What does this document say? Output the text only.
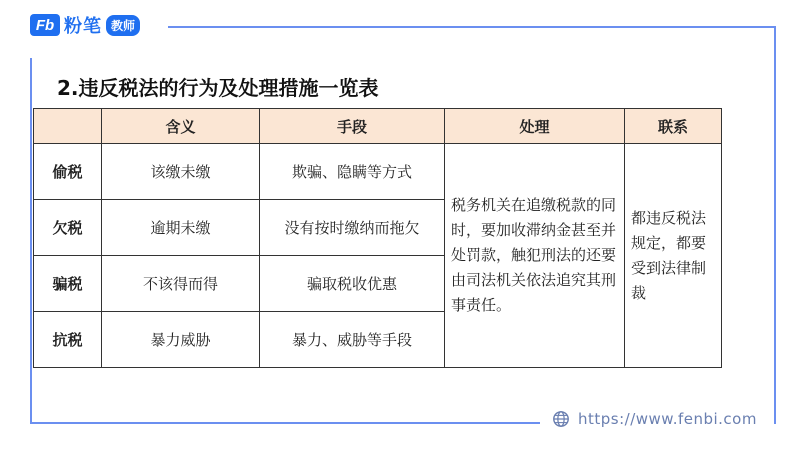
Fb 粉笔 教师
2.违反税法的行为及处理措施一览表
	含义	手段	处理	联系
偷税	该缴未缴	欺骗、隐瞒等方式	税务机关在追缴税款的同时，要加收滞纳金甚至并处罚款，触犯刑法的还要由司法机关依法追究其刑事责任。	都违反税法规定，都要受到法律制裁
欠税	逾期未缴	没有按时缴纳而拖欠		
骗税	不该得而得	骗取税收优惠		
抗税	暴力威胁	暴力、威胁等手段		
https://www.fenbi.com
